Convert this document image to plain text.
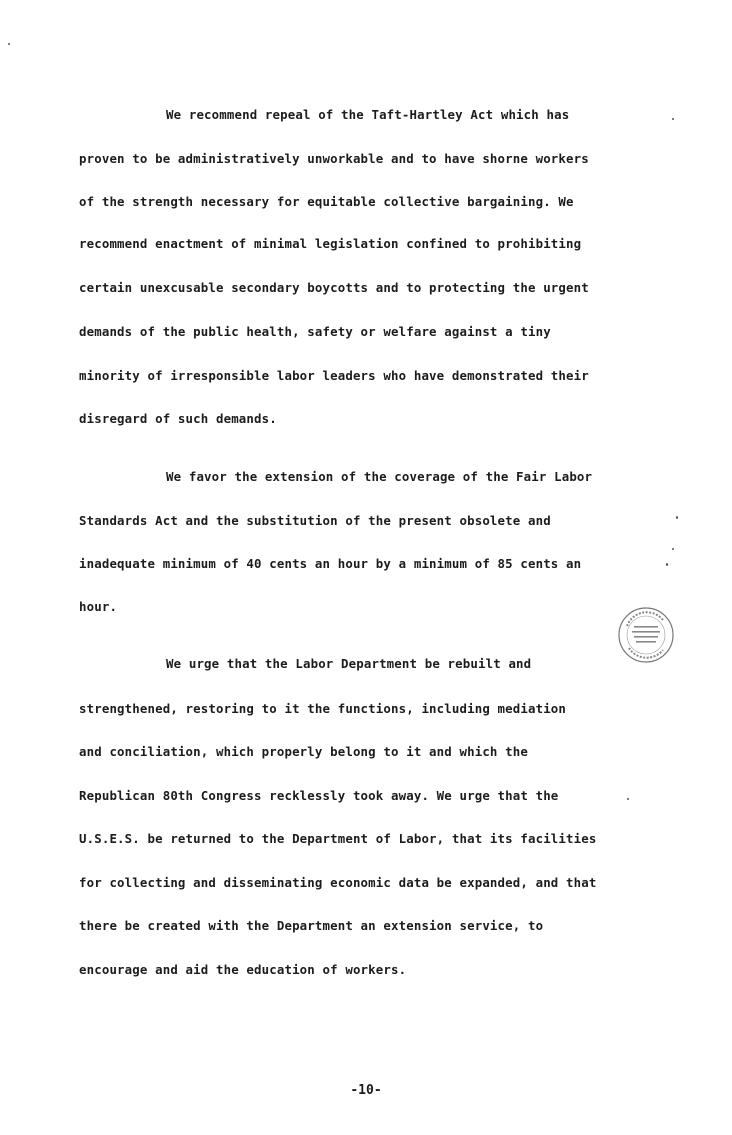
We recommend repeal of the Taft-Hartley Act which has
proven to be administratively unworkable and to have shorne workers
of the strength necessary for equitable collective bargaining. We
recommend enactment of minimal legislation confined to prohibiting
certain unexcusable secondary boycotts and to protecting the urgent
demands of the public health, safety or welfare against a tiny
minority of irresponsible labor leaders who have demonstrated their
disregard of such demands.
We favor the extension of the coverage of the Fair Labor
Standards Act and the substitution of the present obsolete and
inadequate minimum of 40 cents an hour by a minimum of 85 cents an
hour.
We urge that the Labor Department be rebuilt and
strengthened, restoring to it the functions, including mediation
and conciliation, which properly belong to it and which the
Republican 80th Congress recklessly took away. We urge that the
U.S.E.S. be returned to the Department of Labor, that its facilities
for collecting and disseminating economic data be expanded, and that
there be created with the Department an extension service, to
encourage and aid the education of workers.
-10-
